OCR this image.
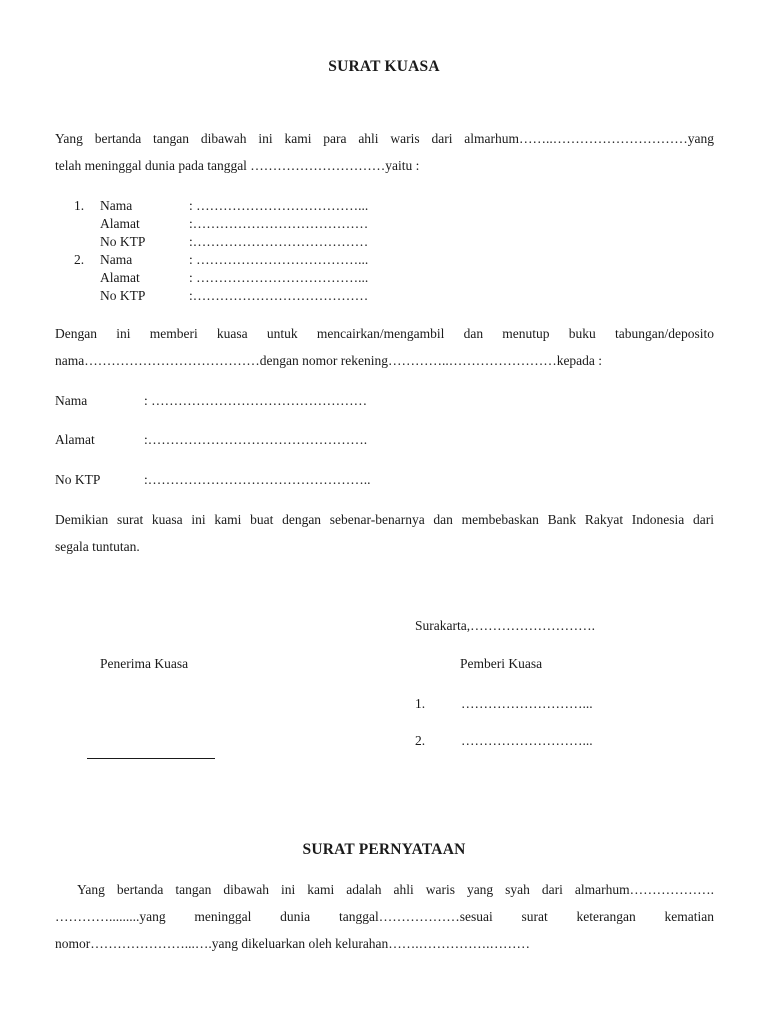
SURAT KUASA
Yang bertanda tangan dibawah ini kami para ahli waris dari almarhum……..…………………………yang
telah meninggal dunia pada tanggal …………………………yaitu :
1.	Nama	: ………………………………...
Alamat	:…………………………………
No KTP	:…………………………………
2.	Nama	: ………………………………...
Alamat	: ………………………………...
No KTP	:…………………………………
Dengan ini memberi kuasa untuk mencairkan/mengambil dan menutup buku tabungan/deposito
nama…………………………………dengan nomor rekening…………..……………………kepada :
Nama	: …………………………………………
Alamat	:………………………………………….
No KTP	:…………………………………………..
Demikian surat kuasa ini kami buat dengan sebenar-benarnya dan membebaskan Bank Rakyat Indonesia dari
segala tuntutan.
Surakarta,……………………….
Penerima Kuasa	Pemberi Kuasa
1.	………………………...
2.	………………………...
SURAT PERNYATAAN
Yang bertanda tangan dibawah ini kami adalah ahli waris yang syah dari almarhum……………….
………….........yang meninggal dunia tanggal………………sesuai surat keterangan kematian
nomor…………………...….yang dikeluarkan oleh kelurahan…….…………….………
